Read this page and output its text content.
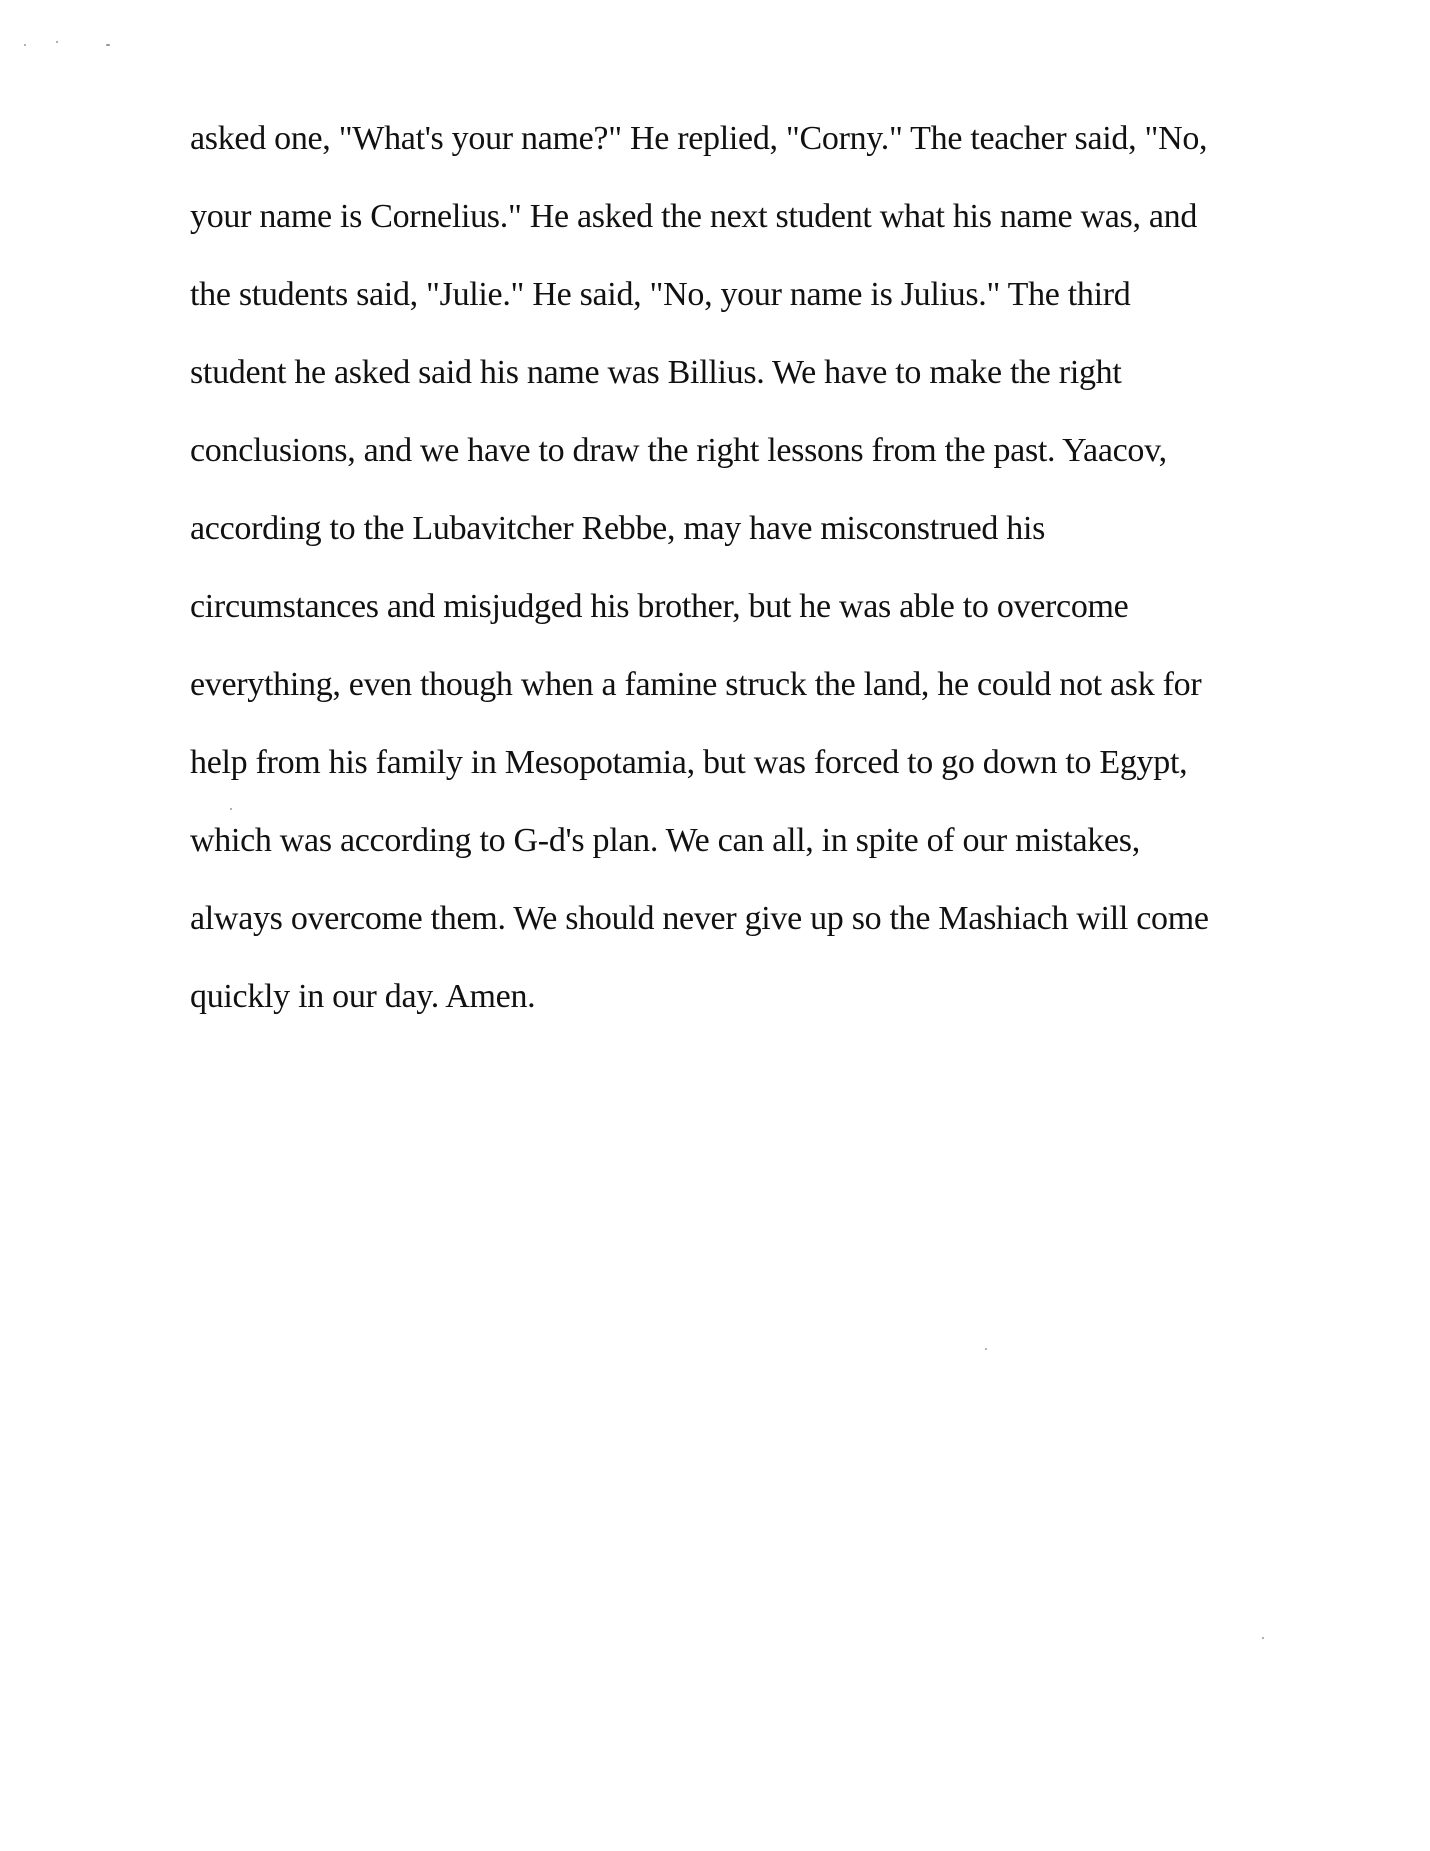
asked one, "What's your name?" He replied, "Corny." The teacher said, "No,
your name is Cornelius." He asked the next student what his name was, and
the students said, "Julie." He said, "No, your name is Julius." The third
student he asked said his name was Billius. We have to make the right
conclusions, and we have to draw the right lessons from the past. Yaacov,
according to the Lubavitcher Rebbe, may have misconstrued his
circumstances and misjudged his brother, but he was able to overcome
everything, even though when a famine struck the land, he could not ask for
help from his family in Mesopotamia, but was forced to go down to Egypt,
which was according to G-d's plan. We can all, in spite of our mistakes,
always overcome them. We should never give up so the Mashiach will come
quickly in our day. Amen.
